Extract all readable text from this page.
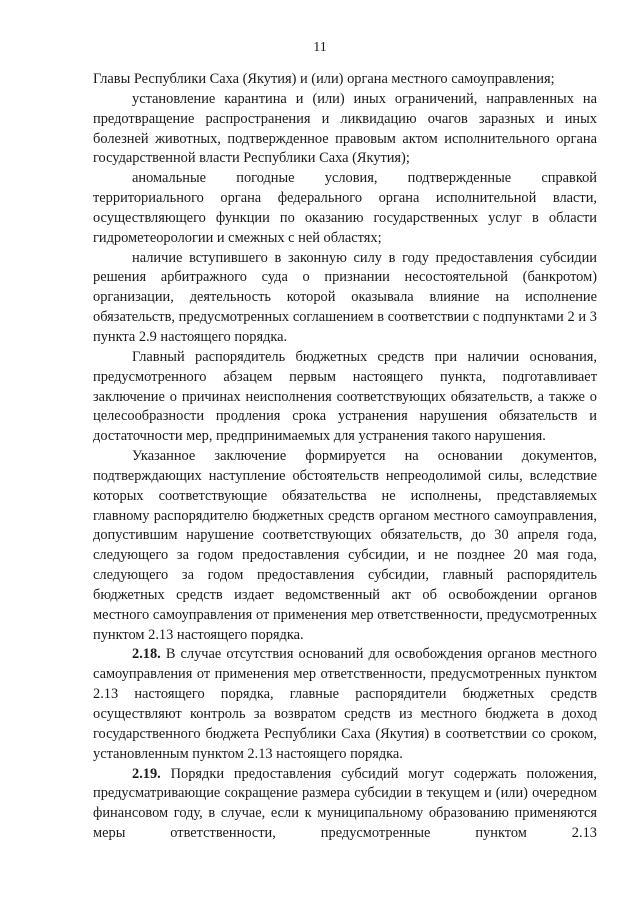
11

Главы Республики Саха (Якутия) и (или) органа местного самоуправления;

установление карантина и (или) иных ограничений, направленных на предотвращение распространения и ликвидацию очагов заразных и иных болезней животных, подтвержденное правовым актом исполнительного органа государственной власти Республики Саха (Якутия);

аномальные погодные условия, подтвержденные справкой территориального органа федерального органа исполнительной власти, осуществляющего функции по оказанию государственных услуг в области гидрометеорологии и смежных с ней областях;

наличие вступившего в законную силу в году предоставления субсидии решения арбитражного суда о признании несостоятельной (банкротом) организации, деятельность которой оказывала влияние на исполнение обязательств, предусмотренных соглашением в соответствии с подпунктами 2 и 3 пункта 2.9 настоящего порядка.

Главный распорядитель бюджетных средств при наличии основания, предусмотренного абзацем первым настоящего пункта, подготавливает заключение о причинах неисполнения соответствующих обязательств, а также о целесообразности продления срока устранения нарушения обязательств и достаточности мер, предпринимаемых для устранения такого нарушения.

Указанное заключение формируется на основании документов, подтверждающих наступление обстоятельств непреодолимой силы, вследствие которых соответствующие обязательства не исполнены, представляемых главному распорядителю бюджетных средств органом местного самоуправления, допустившим нарушение соответствующих обязательств, до 30 апреля года, следующего за годом предоставления субсидии, и не позднее 20 мая года, следующего за годом предоставления субсидии, главный распорядитель бюджетных средств издает ведомственный акт об освобождении органов местного самоуправления от применения мер ответственности, предусмотренных пунктом 2.13 настоящего порядка.

2.18. В случае отсутствия оснований для освобождения органов местного самоуправления от применения мер ответственности, предусмотренных пунктом 2.13 настоящего порядка, главные распорядители бюджетных средств осуществляют контроль за возвратом средств из местного бюджета в доход государственного бюджета Республики Саха (Якутия) в соответствии со сроком, установленным пунктом 2.13 настоящего порядка.

2.19. Порядки предоставления субсидий могут содержать положения, предусматривающие сокращение размера субсидии в текущем и (или) очередном финансовом году, в случае, если к муниципальному образованию применяются меры ответственности, предусмотренные пунктом 2.13
